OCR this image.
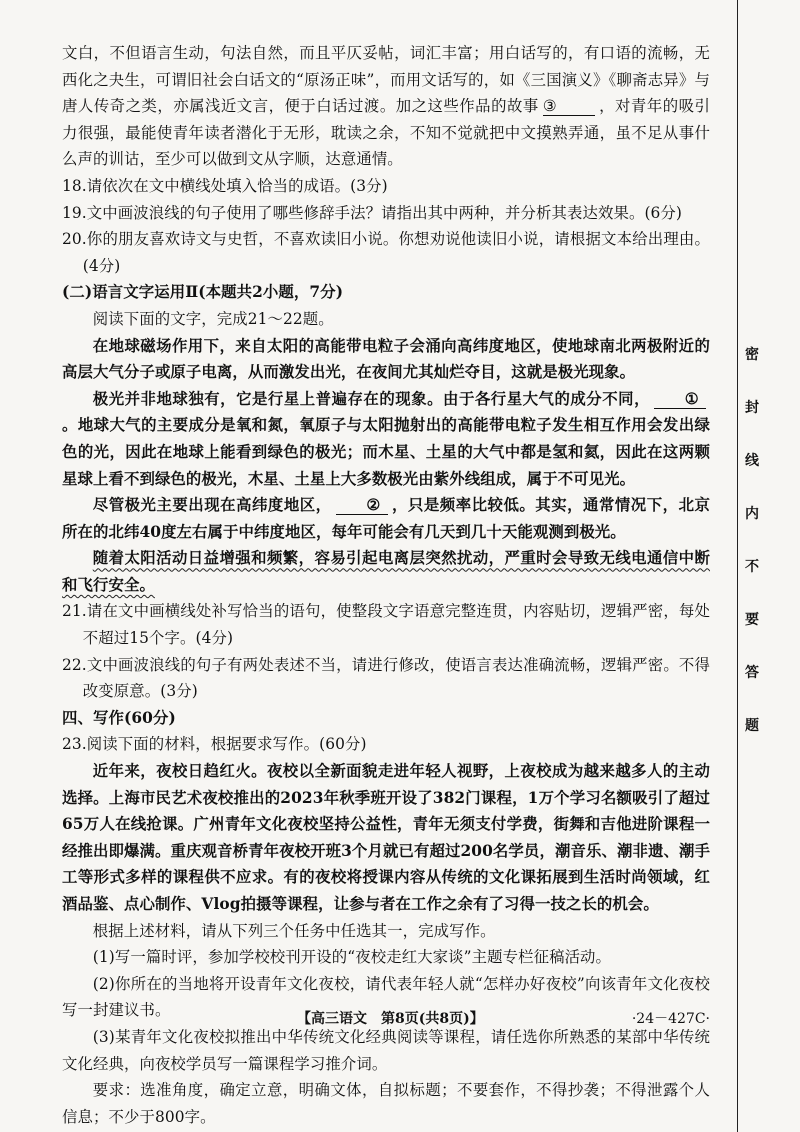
文白，不但语言生动，句法自然，而且平仄妥帖，词汇丰富；用白话写的，有口语的流畅，无西化之夬生，可谓旧社会白话文的“原汤正味”，而用文话写的，如《三国演义》《聊斋志异》与唐人传奇之类，亦属浅近文言，便于白话过渡。加之这些作品的故事 ③	，对青年的吸引力很强，最能使青年读者潜化于无形，耽读之余，不知不觉就把中文摸熟弄通，虽不足从事什么声的训诂，至少可以做到文从字顺，达意通情。

18.请依次在文中横线处填入恰当的成语。(3分)

19.文中画波浪线的句子使用了哪些修辞手法？请指出其中两种，并分析其表达效果。(6分)

20.你的朋友喜欢诗文与史哲，不喜欢读旧小说。你想劝说他读旧小说，请根据文本给出理由。(4分)

(二)语言文字运用Ⅱ(本题共2小题，7分)

阅读下面的文字，完成21～22题。

在地球磁场作用下，来自太阳的高能带电粒子会涌向高纬度地区，使地球南北两极附近的高层大气分子或原子电离，从而激发出光，在夜间尤其灿烂夺目，这就是极光现象。

极光并非地球独有，它是行星上普遍存在的现象。由于各行星大气的成分不同， ①。地球大气的主要成分是氧和氮，氧原子与太阳抛射出的高能带电粒子发生相互作用会发出绿色的光，因此在地球上能看到绿色的极光；而木星、土星的大气中都是氢和氦，因此在这两颗星球上看不到绿色的极光，木星、土星上大多数极光由紫外线组成，属于不可见光。

尽管极光主要出现在高纬度地区， ② ，只是频率比较低。其实，通常情况下，北京所在的北纬40度左右属于中纬度地区，每年可能会有几天到几十天能观测到极光。

随着太阳活动日益增强和频繁，容易引起电离层突然扰动，严重时会导致无线电通信中断和飞行安全。

21.请在文中画横线处补写恰当的语句，使整段文字语意完整连贯，内容贴切，逻辑严密，每处不超过15个字。(4分)

22.文中画波浪线的句子有两处表述不当，请进行修改，使语言表达准确流畅，逻辑严密。不得改变原意。(3分)

四、写作(60分)

23.阅读下面的材料，根据要求写作。(60分)

近年来，夜校日趋红火。夜校以全新面貌走进年轻人视野，上夜校成为越来越多人的主动选择。上海市民艺术夜校推出的2023年秋季班开设了382门课程，1万个学习名额吸引了超过65万人在线抢课。广州青年文化夜校坚持公益性，青年无须支付学费，街舞和吉他进阶课程一经推出即爆满。重庆观音桥青年夜校开班3个月就已有超过200名学员，潮音乐、潮非遗、潮手工等形式多样的课程供不应求。有的夜校将授课内容从传统的文化课拓展到生活时尚领域，红酒品鉴、点心制作、Vlog拍摄等课程，让参与者在工作之余有了习得一技之长的机会。

根据上述材料，请从下列三个任务中任选其一，完成写作。

(1)写一篇时评，参加学校校刊开设的“夜校走红大家谈”主题专栏征稿活动。

(2)你所在的当地将开设青年文化夜校，请代表年轻人就“怎样办好夜校”向该青年文化夜校写一封建议书。

(3)某青年文化夜校拟推出中华传统文化经典阅读等课程，请任选你所熟悉的某部中华传统文化经典，向夜校学员写一篇课程学习推介词。

要求：选准角度，确定立意，明确文体，自拟标题；不要套作，不得抄袭；不得泄露个人信息；不少于800字。

【高三语文　第8页(共8页)】	·24－427C·
密
封
线
内
不
要
答
题
